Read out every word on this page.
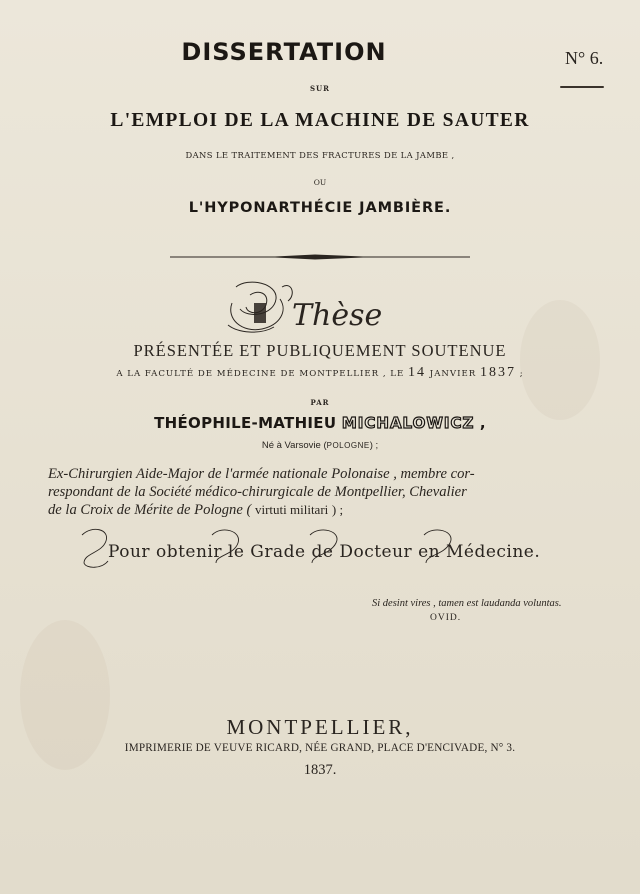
DISSERTATION	N° 6.
SUR
L'EMPLOI DE LA MACHINE DE SAUTER
DANS LE TRAITEMENT DES FRACTURES DE LA JAMBE ,
OU
L'HYPONARTHÉCIE JAMBIÈRE.
Thèse
PRÉSENTÉE ET PUBLIQUEMENT SOUTENUE
A LA FACULTÉ DE MÉDECINE DE MONTPELLIER , LE 14 JANVIER 1837 ;
PAR
THÉOPHILE-MATHIEU MICHALOWICZ ,
Né à Varsovie (POLOGNE) ;
Ex-Chirurgien Aide-Major de l'armée nationale Polonaise , membre cor-
respondant de la Société médico-chirurgicale de Montpellier, Chevalier
de la Croix de Mérite de Pologne ( virtuti militari ) ;
Pour obtenir le Grade de Docteur en Médecine.
Si desint vires , tamen est laudanda voluntas.
OVID.
MONTPELLIER,
IMPRIMERIE DE VEUVE RICARD, NÉE GRAND, PLACE D'ENCIVADE, N° 3.
1837.
